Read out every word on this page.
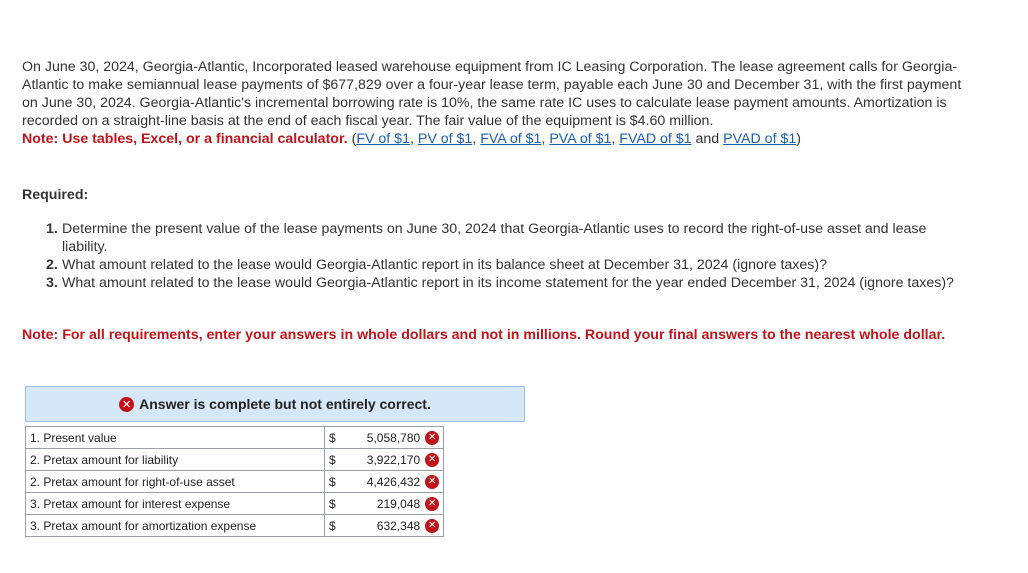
On June 30, 2024, Georgia-Atlantic, Incorporated leased warehouse equipment from IC Leasing Corporation. The lease agreement calls for Georgia-Atlantic to make semiannual lease payments of $677,829 over a four-year lease term, payable each June 30 and December 31, with the first payment on June 30, 2024. Georgia-Atlantic's incremental borrowing rate is 10%, the same rate IC uses to calculate lease payment amounts. Amortization is recorded on a straight-line basis at the end of each fiscal year. The fair value of the equipment is $4.60 million.

Note: Use tables, Excel, or a financial calculator. (FV of $1, PV of $1, FVA of $1, PVA of $1, FVAD of $1 and PVAD of $1)

Required:

1. Determine the present value of the lease payments on June 30, 2024 that Georgia-Atlantic uses to record the right-of-use asset and lease liability.
2. What amount related to the lease would Georgia-Atlantic report in its balance sheet at December 31, 2024 (ignore taxes)?
3. What amount related to the lease would Georgia-Atlantic report in its income statement for the year ended December 31, 2024 (ignore taxes)?

Note: For all requirements, enter your answers in whole dollars and not in millions. Round your final answers to the nearest whole dollar.

✕ Answer is complete but not entirely correct.
1. Present value	$	5,058,780 ✕
2. Pretax amount for liability	$	3,922,170 ✕
2. Pretax amount for right-of-use asset	$	4,426,432 ✕
3. Pretax amount for interest expense	$	219,048 ✕
3. Pretax amount for amortization expense	$	632,348 ✕
